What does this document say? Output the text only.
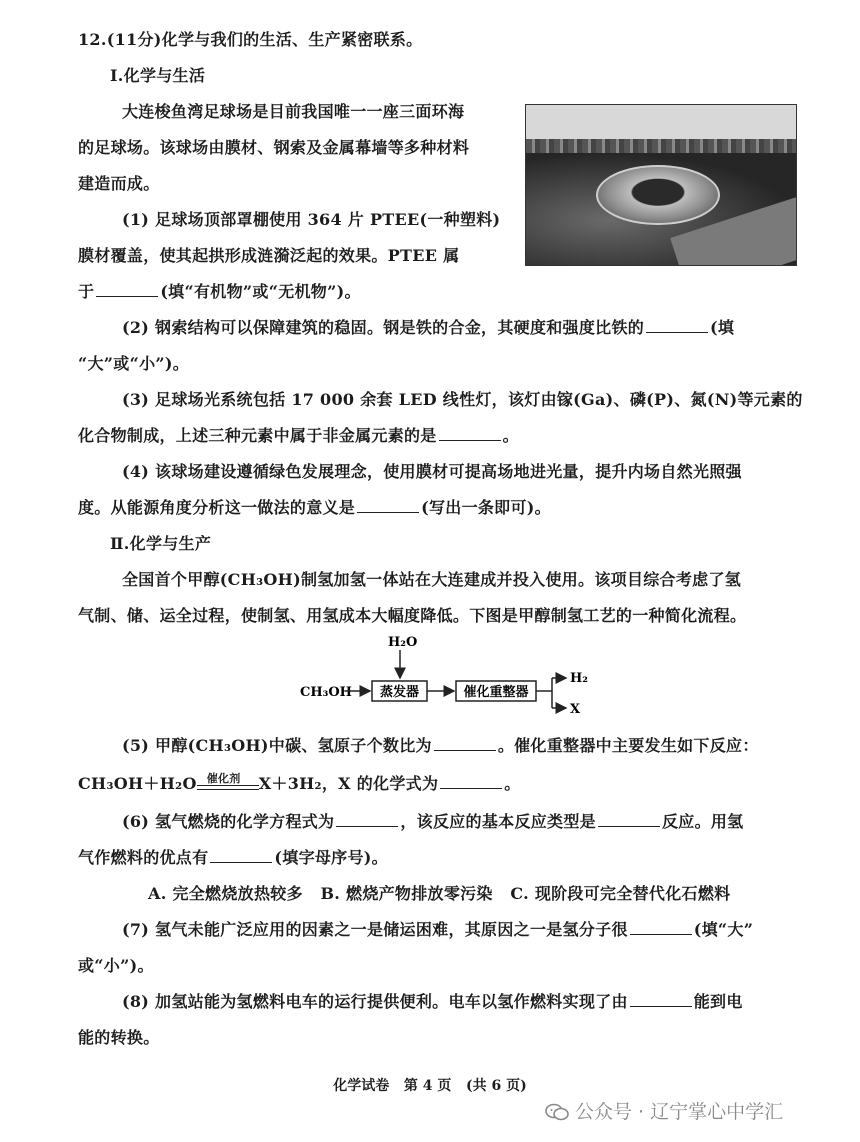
12.(11分)化学与我们的生活、生产紧密联系。
Ⅰ.化学与生活
大连梭鱼湾足球场是目前我国唯一一座三面环海
的足球场。该球场由膜材、钢索及金属幕墙等多种材料
建造而成。
(1) 足球场顶部罩棚使用 364 片 PTEE(一种塑料)
膜材覆盖，使其起拱形成涟漪泛起的效果。PTEE 属
于	(填“有机物”或“无机物”)。
(2) 钢索结构可以保障建筑的稳固。钢是铁的合金，其硬度和强度比铁的	(填
“大”或“小”)。
(3) 足球场光系统包括 17 000 余套 LED 线性灯，该灯由镓(Ga)、磷(P)、氮(N)等元素的
化合物制成，上述三种元素中属于非金属元素的是	。
(4) 该球场建设遵循绿色发展理念，使用膜材可提高场地进光量，提升内场自然光照强
度。从能源角度分析这一做法的意义是	(写出一条即可)。
Ⅱ.化学与生产
全国首个甲醇(CH₃OH)制氢加氢一体站在大连建成并投入使用。该项目综合考虑了氢
气制、储、运全过程，使制氢、用氢成本大幅度降低。下图是甲醇制氢工艺的一种简化流程。
CH₃OH
H₂O
蒸发器	催化重整器
H₂
X
(5) 甲醇(CH₃OH)中碳、氢原子个数比为	。催化重整器中主要发生如下反应：
CH₃OH＋H₂O 催化剂 X＋3H₂，X 的化学式为	。
(6) 氢气燃烧的化学方程式为	，该反应的基本反应类型是	反应。用氢
气作燃料的优点有	(填字母序号)。
A. 完全燃烧放热较多   B. 燃烧产物排放零污染   C. 现阶段可完全替代化石燃料
(7) 氢气未能广泛应用的因素之一是储运困难，其原因之一是氢分子很	(填“大”
或“小”)。
(8) 加氢站能为氢燃料电车的运行提供便利。电车以氢作燃料实现了由	能到电
能的转换。
化学试卷   第 4 页   (共 6 页)
公众号 · 辽宁掌心中学汇
